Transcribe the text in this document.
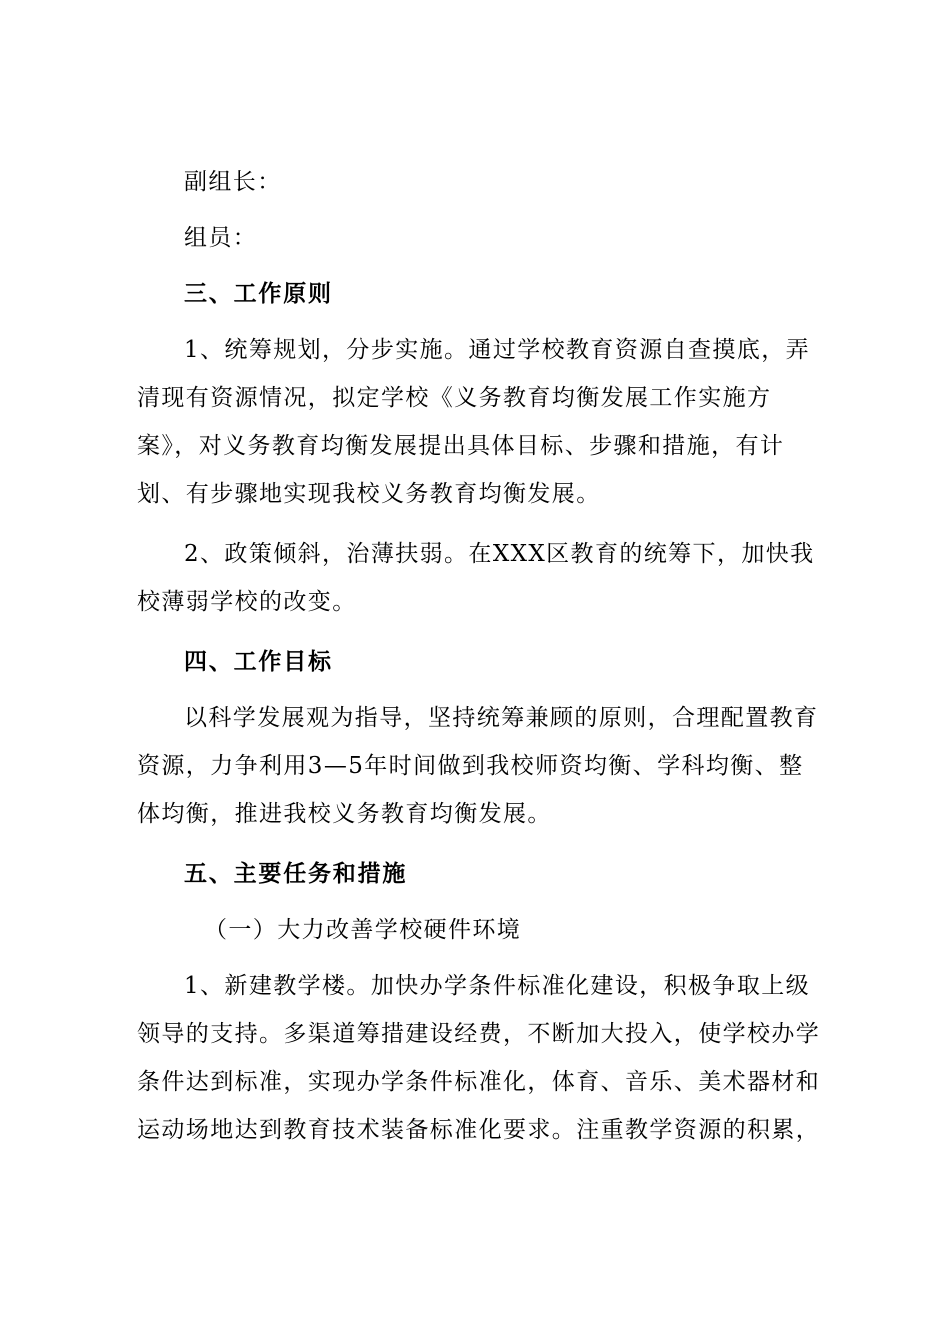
副组长：
组员：
三、工作原则
1、统筹规划，分步实施。通过学校教育资源自查摸底，弄
清现有资源情况，拟定学校《义务教育均衡发展工作实施方
案》，对义务教育均衡发展提出具体目标、步骤和措施，有计
划、有步骤地实现我校义务教育均衡发展。
2、政策倾斜，治薄扶弱。在XXX区教育的统筹下，加快我
校薄弱学校的改变。
四、工作目标
以科学发展观为指导，坚持统筹兼顾的原则，合理配置教育
资源，力争利用3—5年时间做到我校师资均衡、学科均衡、整
体均衡，推进我校义务教育均衡发展。
五、主要任务和措施
（一）大力改善学校硬件环境
1、新建教学楼。加快办学条件标准化建设，积极争取上级
领导的支持。多渠道筹措建设经费，不断加大投入，使学校办学
条件达到标准，实现办学条件标准化，体育、音乐、美术器材和
运动场地达到教育技术装备标准化要求。注重教学资源的积累，
